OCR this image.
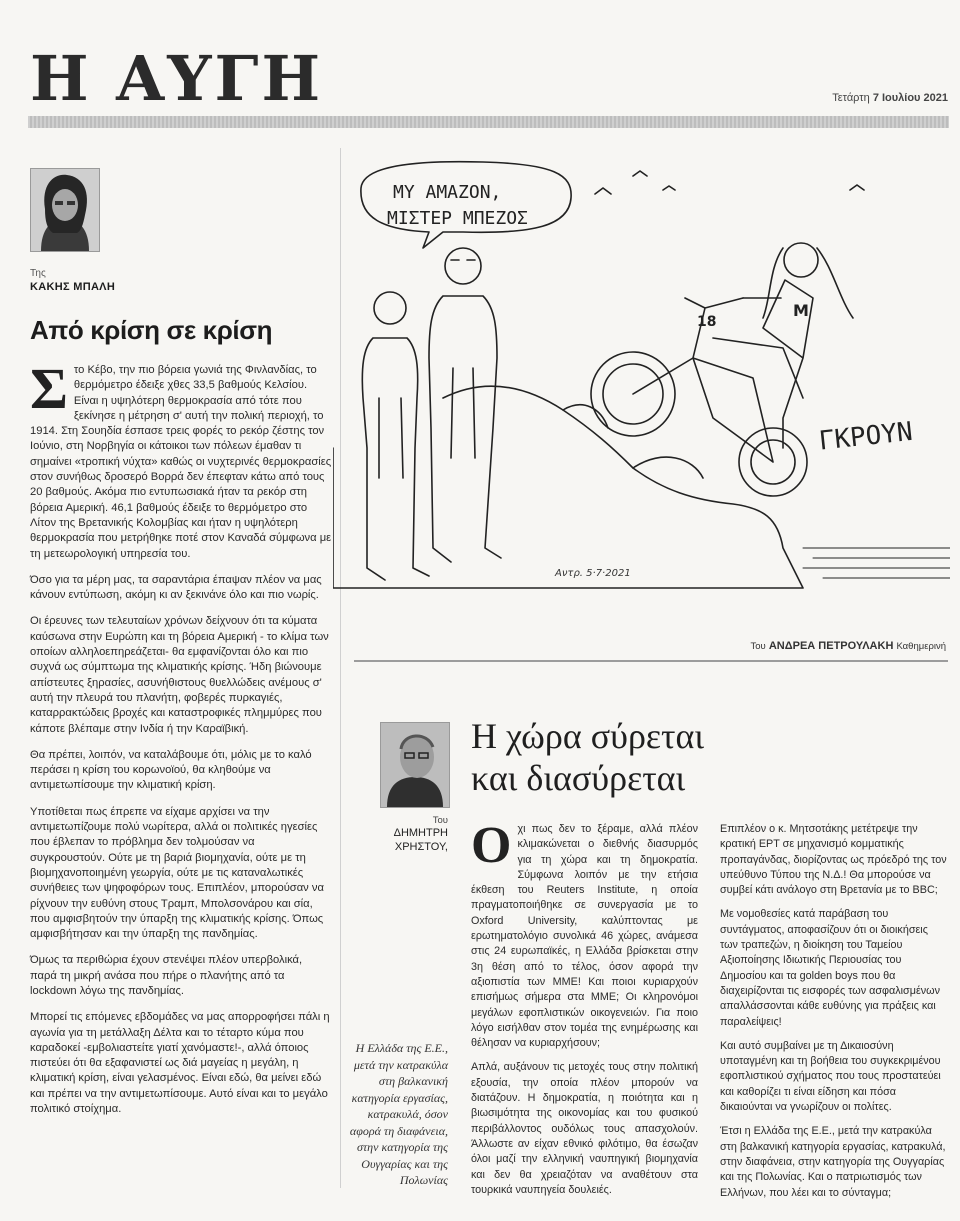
Η ΑΥΓΗ	Τετάρτη 7 Ιουλίου 2021
Της
ΚΑΚΗΣ ΜΠΑΛΗ
Από κρίση σε κρίση

Στο Κέβο, την πιο βόρεια γωνιά της Φινλανδίας, το θερμόμετρο έδειξε χθες 33,5 βαθμούς Κελσίου. Είναι η υψηλότερη θερμοκρασία από τότε που ξεκίνησε η μέτρηση σ' αυτή την πολική περιοχή, το 1914. Στη Σουηδία έσπασε τρεις φορές το ρεκόρ ζέστης τον Ιούνιο, στη Νορβηγία οι κάτοικοι των πόλεων έμαθαν τι σημαίνει «τροπική νύχτα» καθώς οι νυχτερινές θερμοκρασίες στον συνήθως δροσερό Βορρά δεν έπεφταν κάτω από τους 20 βαθμούς. Ακόμα πιο εντυπωσιακά ήταν τα ρεκόρ στη βόρεια Αμερική. 46,1 βαθμούς έδειξε το θερμόμετρο στο Λίτον της Βρετανικής Κολομβίας και ήταν η υψηλότερη θερμοκρασία που μετρήθηκε ποτέ στον Καναδά σύμφωνα με τη μετεωρολογική υπηρεσία του.

Όσο για τα μέρη μας, τα σαραντάρια έπαψαν πλέον να μας κάνουν εντύπωση, ακόμη κι αν ξεκινάνε όλο και πιο νωρίς.

Οι έρευνες των τελευταίων χρόνων δείχνουν ότι τα κύματα καύσωνα στην Ευρώπη και τη βόρεια Αμερική - το κλίμα των οποίων αλληλοεπηρεάζεται- θα εμφανίζονται όλο και πιο συχνά ως σύμπτωμα της κλιματικής κρίσης. Ήδη βιώνουμε απίστευτες ξηρασίες, ασυνήθιστους θυελλώδεις ανέμους σ' αυτή την πλευρά του πλανήτη, φοβερές πυρκαγιές, καταρρακτώδεις βροχές και καταστροφικές πλημμύρες που κάποτε βλέπαμε στην Ινδία ή την Καραϊβική.

Θα πρέπει, λοιπόν, να καταλάβουμε ότι, μόλις με το καλό περάσει η κρίση του κορωνοϊού, θα κληθούμε να αντιμετωπίσουμε την κλιματική κρίση.

Υποτίθεται πως έπρεπε να είχαμε αρχίσει να την αντιμετωπίζουμε πολύ νωρίτερα, αλλά οι πολιτικές ηγεσίες που έβλεπαν το πρόβλημα δεν τολμούσαν να συγκρουστούν. Ούτε με τη βαριά βιομηχανία, ούτε με τη βιομηχανοποιημένη γεωργία, ούτε με τις καταναλωτικές συνήθειες των ψηφοφόρων τους. Επιπλέον, μπορούσαν να ρίχνουν την ευθύνη στους Τραμπ, Μπολσονάρου και σία, που αμφισβητούν την ύπαρξη της κλιματικής κρίσης. Όπως αμφισβήτησαν και την ύπαρξη της πανδημίας.

Όμως τα περιθώρια έχουν στενέψει πλέον υπερβολικά, παρά τη μικρή ανάσα που πήρε ο πλανήτης από τα lockdown λόγω της πανδημίας.

Μπορεί τις επόμενες εβδομάδες να μας απορροφήσει πάλι η αγωνία για τη μετάλλαξη Δέλτα και το τέταρτο κύμα που καραδοκεί -εμβολιαστείτε γιατί χανόμαστε!-, αλλά όποιος πιστεύει ότι θα εξαφανιστεί ως διά μαγείας η μεγάλη, η κλιματική κρίση, είναι γελασμένος. Είναι εδώ, θα μείνει εδώ και πρέπει να την αντιμετωπίσουμε. Αυτό είναι και το μεγάλο πολιτικό στοίχημα.

ΜΥ ΑΜΑΖΟΝ,
ΜΙΣΤΕΡ ΜΠΕΖΟΣ
18
M
ΓΚΡΟΥΝ
Αντρ. 5·7·2021
Του ΑΝΔΡΕΑ ΠΕΤΡΟΥΛΑΚΗ Καθημερινή
Η χώρα σύρεται
και διασύρεται
Του
ΔΗΜΗΤΡΗ
ΧΡΗΣΤΟΥ,
Η Ελλάδα της Ε.Ε., μετά την κατρακύλα στη βαλκανική κατηγορία εργασίας, κατρακυλά, όσον αφορά τη διαφάνεια, στην κατηγορία της Ουγγαρίας και της Πολωνίας

Οχι πως δεν το ξέραμε, αλλά πλέον κλιμακώνεται ο διεθνής διασυρμός για τη χώρα και τη δημοκρατία. Σύμφωνα λοιπόν με την ετήσια έκθεση του Reuters Institute, η οποία πραγματοποιήθηκε σε συνεργασία με το Oxford University, καλύπτοντας με ερωτηματολόγιο συνολικά 46 χώρες, ανάμεσα στις 24 ευρωπαϊκές, η Ελλάδα βρίσκεται στην 3η θέση από το τέλος, όσον αφορά την αξιοπιστία των ΜΜΕ! Και ποιοι κυριαρχούν επισήμως σήμερα στα ΜΜΕ; Οι κληρονόμοι μεγάλων εφοπλιστικών οικογενειών. Για ποιο λόγο εισήλθαν στον τομέα της ενημέρωσης και θέλησαν να κυριαρχήσουν;

Απλά, αυξάνουν τις μετοχές τους στην πολιτική εξουσία, την οποία πλέον μπορούν να διατάζουν. Η δημοκρατία, η ποιότητα και η βιωσιμότητα της οικονομίας και του φυσικού περιβάλλοντος ουδόλως τους απασχολούν. Άλλωστε αν είχαν εθνικό φιλότιμο, θα έσωζαν όλοι μαζί την ελληνική ναυπηγική βιομηχανία και δεν θα χρειαζόταν να αναθέτουν στα τουρκικά ναυπηγεία δουλειές.

Επιπλέον ο κ. Μητσοτάκης μετέτρεψε την κρατική ΕΡΤ σε μηχανισμό κομματικής προπαγάνδας, διορίζοντας ως πρόεδρό της τον υπεύθυνο Τύπου της Ν.Δ.! Θα μπορούσε να συμβεί κάτι ανάλογο στη Βρετανία με το BBC;

Με νομοθεσίες κατά παράβαση του συντάγματος, αποφασίζουν ότι οι διοικήσεις των τραπεζών, η διοίκηση του Ταμείου Αξιοποίησης Ιδιωτικής Περιουσίας του Δημοσίου και τα golden boys που θα διαχειρίζονται τις εισφορές των ασφαλισμένων απαλλάσσονται κάθε ευθύνης για πράξεις και παραλείψεις!

Και αυτό συμβαίνει με τη Δικαιοσύνη υποταγμένη και τη βοήθεια του συγκεκριμένου εφοπλιστικού σχήματος που τους προστατεύει και καθορίζει τι είναι είδηση και πόσα δικαιούνται να γνωρίζουν οι πολίτες.

Έτσι η Ελλάδα της Ε.Ε., μετά την κατρακύλα στη βαλκανική κατηγορία εργασίας, κατρακυλά, στην διαφάνεια, στην κατηγορία της Ουγγαρίας και της Πολωνίας. Και ο πατριωτισμός των Ελλήνων, που λέει και το σύνταγμα;
